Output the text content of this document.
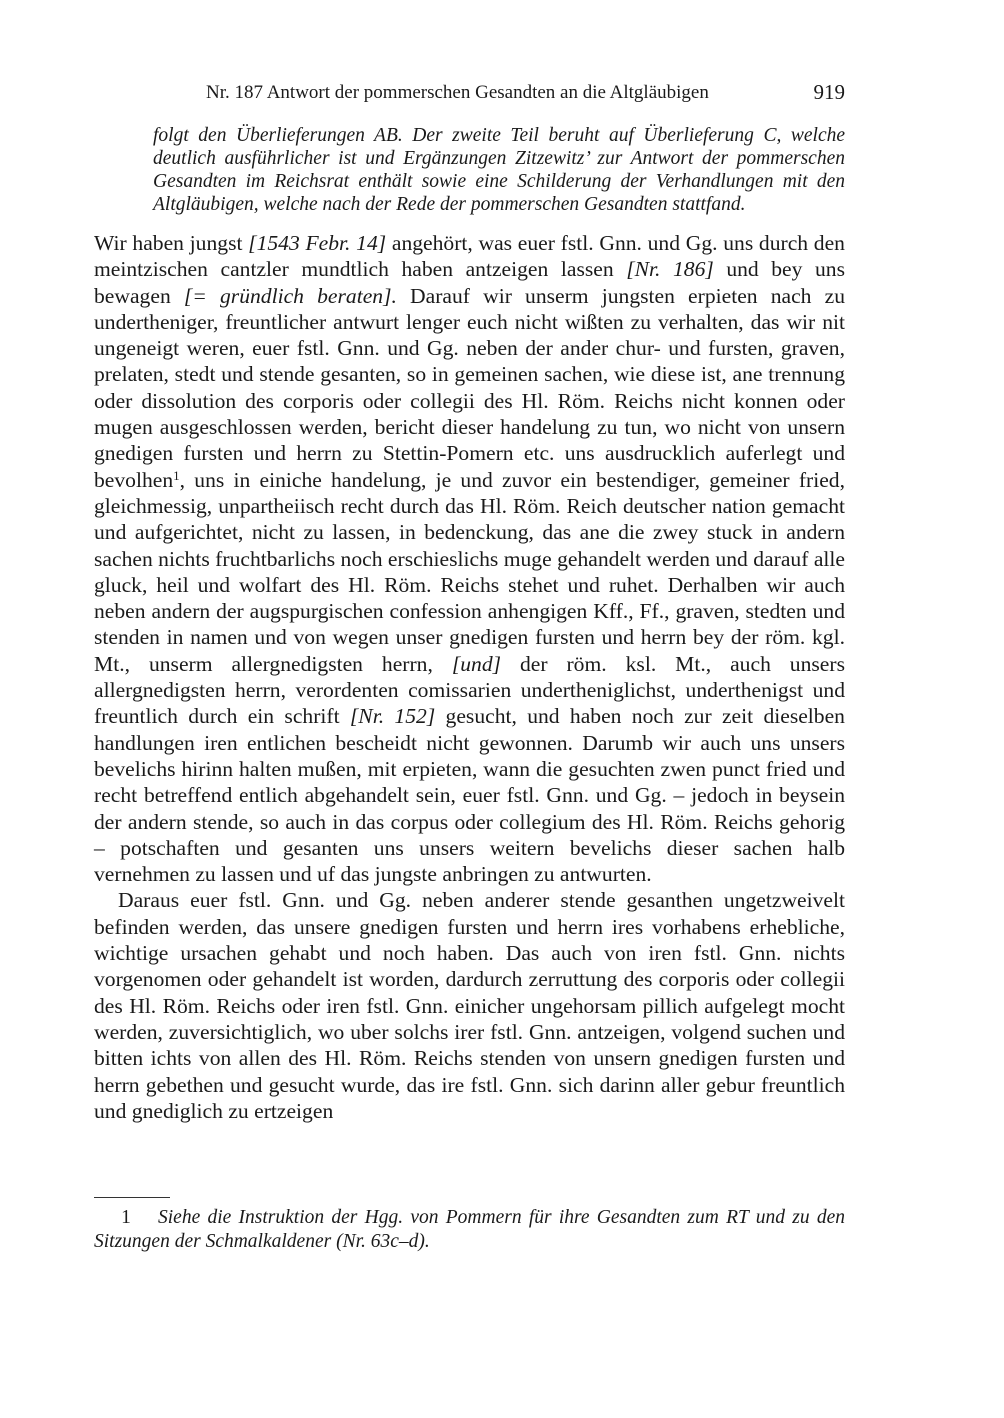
Nr. 187 Antwort der pommerschen Gesandten an die Altgläubigen	919
folgt den Überlieferungen AB. Der zweite Teil beruht auf Überlieferung C, welche deutlich ausführlicher ist und Ergänzungen Zitzewitz’ zur Antwort der pommerschen Gesandten im Reichsrat enthält sowie eine Schilderung der Verhandlungen mit den Altgläubigen, welche nach der Rede der pommerschen Gesandten stattfand.

Wir haben jungst [1543 Febr. 14] angehört, was euer fstl. Gnn. und Gg. uns durch den meintzischen cantzler mundtlich haben antzeigen lassen [Nr. 186] und bey uns bewagen [= gründlich beraten]. Darauf wir unserm jungsten erpieten nach zu undertheniger, freuntlicher antwurt lenger euch nicht wißten zu verhalten, das wir nit ungeneigt weren, euer fstl. Gnn. und Gg. neben der ander chur- und fursten, graven, prelaten, stedt und stende gesanten, so in gemeinen sachen, wie diese ist, ane trennung oder dissolution des corporis oder collegii des Hl. Röm. Reichs nicht konnen oder mugen ausgeschlossen werden, bericht dieser handelung zu tun, wo nicht von unsern gnedigen fursten und herrn zu Stettin-Pomern etc. uns ausdrucklich auferlegt und bevolhen$^1$, uns in einiche handelung, je und zuvor ein bestendiger, gemeiner fried, gleichmessig, unpartheiisch recht durch das Hl. Röm. Reich deutscher nation gemacht und aufgerichtet, nicht zu lassen, in bedenckung, das ane die zwey stuck in andern sachen nichts fruchtbarlichs noch erschieslichs muge gehandelt werden und darauf alle gluck, heil und wolfart des Hl. Röm. Reichs stehet und ruhet. Derhalben wir auch neben andern der augspurgischen confession anhengigen Kff., Ff., graven, stedten und stenden in namen und von wegen unser gnedigen fursten und herrn bey der röm. kgl. Mt., unserm allergnedigsten herrn, [und] der röm. ksl. Mt., auch unsers allergnedigsten herrn, verordenten comissarien undertheniglichst, underthenigst und freuntlich durch ein schrift [Nr. 152] gesucht, und haben noch zur zeit dieselben handlungen iren entlichen bescheidt nicht gewonnen. Darumb wir auch uns unsers bevelichs hirinn halten mußen, mit erpieten, wann die gesuchten zwen punct fried und recht betreffend entlich abgehandelt sein, euer fstl. Gnn. und Gg. – jedoch in beysein der andern stende, so auch in das corpus oder collegium des Hl. Röm. Reichs gehorig – potschaften und gesanten uns unsers weitern bevelichs dieser sachen halb vernehmen zu lassen und uf das jungste anbringen zu antwurten.

Daraus euer fstl. Gnn. und Gg. neben anderer stende gesanthen ungetzweivelt befinden werden, das unsere gnedigen fursten und herrn ires vorhabens erhebliche, wichtige ursachen gehabt und noch haben. Das auch von iren fstl. Gnn. nichts vorgenomen oder gehandelt ist worden, dardurch zerruttung des corporis oder collegii des Hl. Röm. Reichs oder iren fstl. Gnn. einicher ungehorsam pillich aufgelegt mocht werden, zuversichtiglich, wo uber solchs irer fstl. Gnn. antzeigen, volgend suchen und bitten ichts von allen des Hl. Röm. Reichs stenden von unsern gnedigen fursten und herrn gebethen und gesucht wurde, das ire fstl. Gnn. sich darinn aller gebur freuntlich und gnediglich zu ertzeigen

1 Siehe die Instruktion der Hgg. von Pommern für ihre Gesandten zum RT und zu den Sitzungen der Schmalkaldener (Nr. 63c–d).
